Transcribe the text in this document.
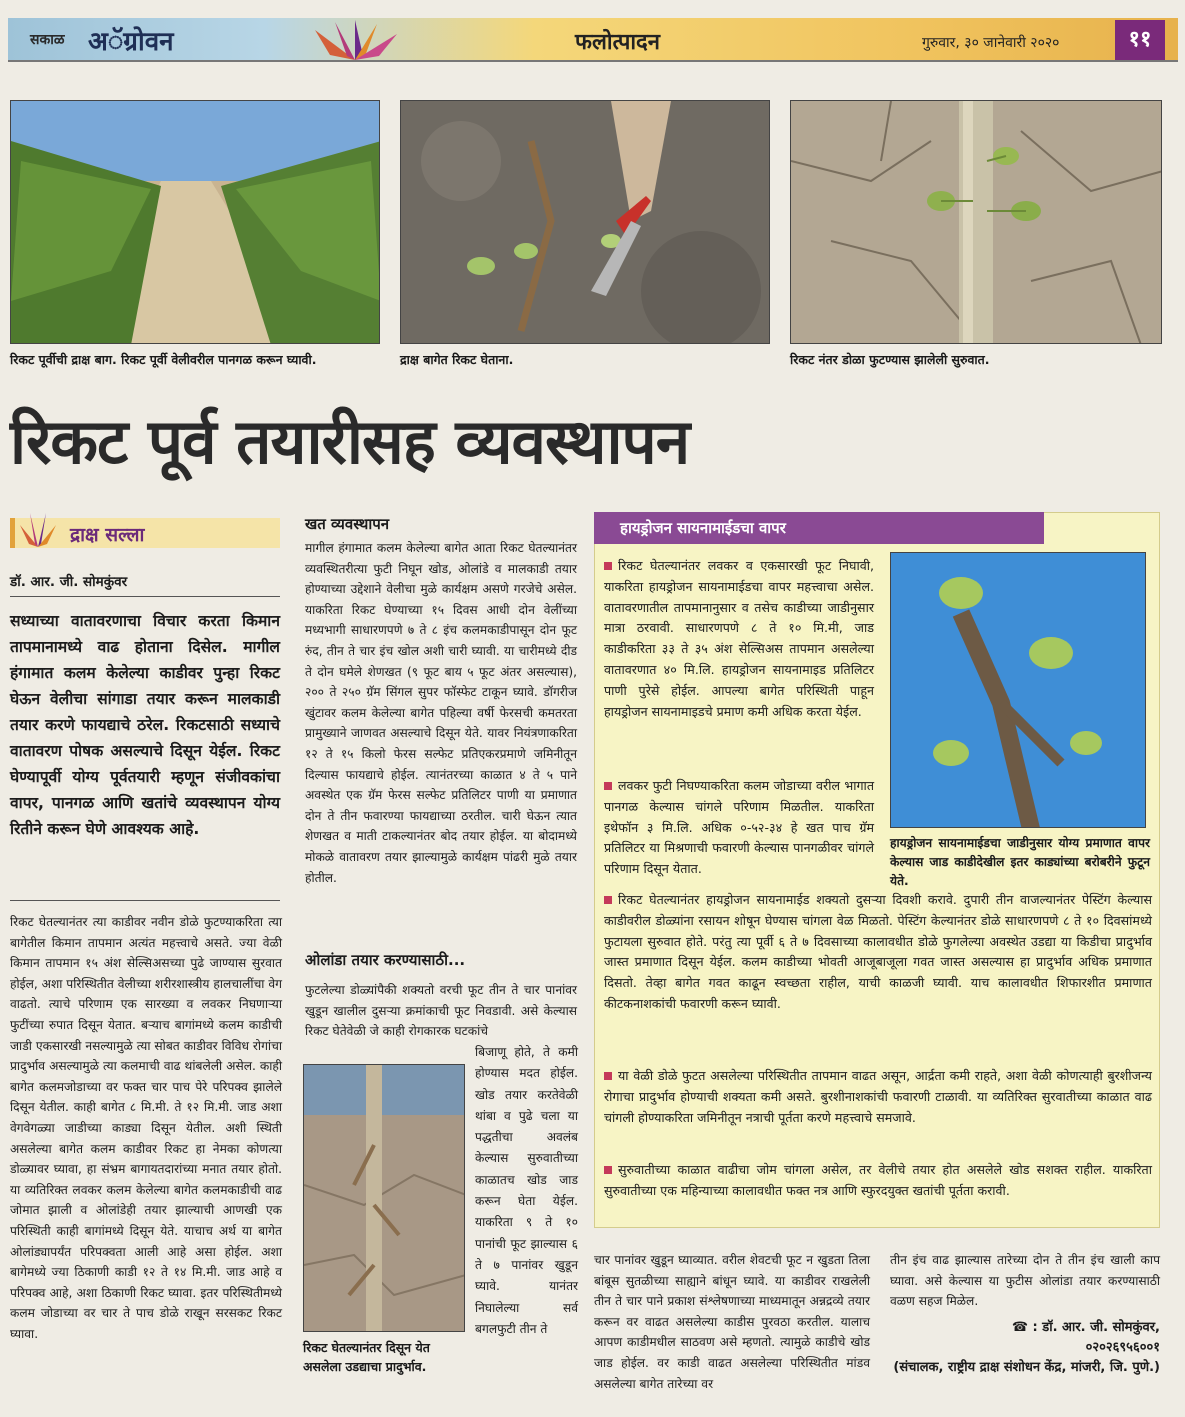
सकाळ अॅग्रोवन	फलोत्पादन	गुरुवार, ३० जानेवारी २०२०	११
रिकट पूर्वीची द्राक्ष बाग. रिकट पूर्वी वेलीवरील पानगळ करून घ्यावी.	द्राक्ष बागेत रिकट घेताना.	रिकट नंतर डोळा फुटण्यास झालेली सुरुवात.
रिकट पूर्व तयारीसह व्यवस्थापन
द्राक्ष सल्ला
डॉ. आर. जी. सोमकुंवर
सध्याच्या वातावरणाचा विचार करता किमान तापमानामध्ये वाढ होताना दिसेल. मागील हंगामात कलम केलेल्या काडीवर पुन्हा रिकट घेऊन वेलीचा सांगाडा तयार करून मालकाडी तयार करणे फायद्याचे ठरेल. रिकटसाठी सध्याचे वातावरण पोषक असल्याचे दिसून येईल. रिकट घेण्यापूर्वी योग्य पूर्वतयारी म्हणून संजीवकांचा वापर, पानगळ आणि खतांचे व्यवस्थापन योग्य रितीने करून घेणे आवश्यक आहे.
रिकट घेतल्यानंतर त्या काडीवर नवीन डोळे फुटण्याकरिता त्या बागेतील किमान तापमान अत्यंत महत्त्वाचे असते. ज्या वेळी किमान तापमान १५ अंश सेल्सिअसच्या पुढे जाण्यास सुरवात होईल, अशा परिस्थितीत वेलीच्या शरीरशास्त्रीय हालचालींचा वेग वाढतो. त्याचे परिणाम एक सारख्या व लवकर निघणाऱ्या फुटींच्या रुपात दिसून येतात. बऱ्याच बागांमध्ये कलम काडीची जाडी एकसारखी नसल्यामुळे त्या सोबत काडीवर विविध रोगांचा प्रादुर्भाव असल्यामुळे त्या कलमाची वाढ थांबलेली असेल. काही बागेत कलमजोडाच्या वर फक्त चार पाच पेरे परिपक्व झालेले दिसून येतील. काही बागेत ८ मि.मी. ते १२ मि.मी. जाड अशा वेगवेगळ्या जाडीच्या काड्या दिसून येतील. अशी स्थिती असलेल्या बागेत कलम काडीवर रिकट हा नेमका कोणत्या डोळ्यावर घ्यावा, हा संभ्रम बागायतदारांच्या मनात तयार होतो. या व्यतिरिक्त लवकर कलम केलेल्या बागेत कलमकाडीची वाढ जोमात झाली व ओलांडेही तयार झाल्याची आणखी एक परिस्थिती काही बागांमध्ये दिसून येते. याचाच अर्थ या बागेत ओलांड्यापर्यंत परिपक्वता आली आहे असा होईल. अशा बागेमध्ये ज्या ठिकाणी काडी १२ ते १४ मि.मी. जाड आहे व परिपक्व आहे, अशा ठिकाणी रिकट घ्यावा. इतर परिस्थितीमध्ये कलम जोडाच्या वर चार ते पाच डोळे राखून सरसकट रिकट घ्यावा.
खत व्यवस्थापन
मागील हंगामात कलम केलेल्या बागेत आता रिकट घेतल्यानंतर व्यवस्थितरीत्या फुटी निघून खोड, ओलांडे व मालकाडी तयार होण्याच्या उद्देशाने वेलीचा मुळे कार्यक्षम असणे गरजेचे असेल. याकरिता रिकट घेण्याच्या १५ दिवस आधी दोन वेलींच्या मध्यभागी साधारणपणे ७ ते ८ इंच कलमकाडीपासून दोन फूट रुंद, तीन ते चार इंच खोल अशी चारी घ्यावी. या चारीमध्ये दीड ते दोन घमेले शेणखत (९ फूट बाय ५ फूट अंतर असल्यास), २०० ते २५० ग्रॅम सिंगल सुपर फॉस्फेट टाकून घ्यावे. डॉगरीज खुंटावर कलम केलेल्या बागेत पहिल्या वर्षी फेरसची कमतरता प्रामुख्याने जाणवत असल्याचे दिसून येते. यावर नियंत्रणाकरिता १२ ते १५ किलो फेरस सल्फेट प्रतिएकरप्रमाणे जमिनीतून दिल्यास फायद्याचे होईल. त्यानंतरच्या काळात ४ ते ५ पाने अवस्थेत एक ग्रॅम फेरस सल्फेट प्रतिलिटर पाणी या प्रमाणात दोन ते तीन फवारण्या फायद्याच्या ठरतील. चारी घेऊन त्यात शेणखत व माती टाकल्यानंतर बोद तयार होईल. या बोदामध्ये मोकळे वातावरण तयार झाल्यामुळे कार्यक्षम पांढरी मुळे तयार होतील.
ओलांडा तयार करण्यासाठी...
फुटलेल्या डोळ्यांपैकी शक्यतो वरची फूट तीन ते चार पानांवर खुडून खालील दुसऱ्या क्रमांकाची फूट निवडावी. असे केल्यास रिकट घेतेवेळी जे काही रोगकारक घटकांचे
रिकट घेतल्यानंतर दिसून येत असलेला उडद्याचा प्रादुर्भाव.
बिजाणू होते, ते कमी होण्यास मदत होईल. खोड तयार करतेवेळी थांबा व पुढे चला या पद्धतीचा अवलंब केल्यास सुरुवातीच्या काळातच खोड जाड करून घेता येईल. याकरिता ९ ते १० पानांची फूट झाल्यास ६ ते ७ पानांवर खुडून घ्यावे. यानंतर निघालेल्या सर्व बगलफुटी तीन ते
हायड्रोजन सायनामाईडचा वापर
रिकट घेतल्यानंतर लवकर व एकसारखी फूट निघावी, याकरिता हायड्रोजन सायनामाईडचा वापर महत्त्वाचा असेल. वातावरणातील तापमानानुसार व तसेच काडीच्या जाडीनुसार मात्रा ठरवावी. साधारणपणे ८ ते १० मि.मी, जाड काडीकरिता ३३ ते ३५ अंश सेल्सिअस तापमान असलेल्या वातावरणात ४० मि.लि. हायड्रोजन सायनामाइड प्रतिलिटर पाणी पुरेसे होईल. आपल्या बागेत परिस्थिती पाहून हायड्रोजन सायनामाइडचे प्रमाण कमी अधिक करता येईल.
लवकर फुटी निघण्याकरिता कलम जोडाच्या वरील भागात पानगळ केल्यास चांगले परिणाम मिळतील. याकरिता इथेफॉन ३ मि.लि. अधिक ०-५२-३४ हे खत पाच ग्रॅम प्रतिलिटर या मिश्रणाची फवारणी केल्यास पानगळीवर चांगले परिणाम दिसून येतात.
हायड्रोजन सायनामाईडचा जाडीनुसार योग्य प्रमाणात वापर केल्यास जाड काडीदेखील इतर काड्यांच्या बरोबरीने फुटून येते.
रिकट घेतल्यानंतर हायड्रोजन सायनामाईड शक्यतो दुसऱ्या दिवशी करावे. दुपारी तीन वाजल्यानंतर पेस्टिंग केल्यास काडीवरील डोळ्यांना रसायन शोषून घेण्यास चांगला वेळ मिळतो. पेस्टिंग केल्यानंतर डोळे साधारणपणे ८ ते १० दिवसांमध्ये फुटायला सुरुवात होते. परंतु त्या पूर्वी ६ ते ७ दिवसाच्या कालावधीत डोळे फुगलेल्या अवस्थेत उडद्या या किडीचा प्रादुर्भाव जास्त प्रमाणात दिसून येईल. कलम काडीच्या भोवती आजूबाजूला गवत जास्त असल्यास हा प्रादुर्भाव अधिक प्रमाणात दिसतो. तेव्हा बागेत गवत काढून स्वच्छता राहील, याची काळजी घ्यावी. याच कालावधीत शिफारशीत प्रमाणात कीटकनाशकांची फवारणी करून घ्यावी.
या वेळी डोळे फुटत असलेल्या परिस्थितीत तापमान वाढत असून, आर्द्रता कमी राहते, अशा वेळी कोणत्याही बुरशीजन्य रोगाचा प्रादुर्भाव होण्याची शक्यता कमी असते. बुरशीनाशकांची फवारणी टाळावी. या व्यतिरिक्त सुरवातीच्या काळात वाढ चांगली होण्याकरिता जमिनीतून नत्राची पूर्तता करणे महत्त्वाचे समजावे.
सुरुवातीच्या काळात वाढीचा जोम चांगला असेल, तर वेलीचे तयार होत असलेले खोड सशक्त राहील. याकरिता सुरुवातीच्या एक महिन्याच्या कालावधीत फक्त नत्र आणि स्फुरदयुक्त खतांची पूर्तता करावी.
चार पानांवर खुडून घ्याव्यात. वरील शेवटची फूट न खुडता तिला बांबूस सुतळीच्या साह्याने बांधून घ्यावे. या काडीवर राखलेली तीन ते चार पाने प्रकाश संश्लेषणाच्या माध्यमातून अन्नद्रव्ये तयार करून वर वाढत असलेल्या काडीस पुरवठा करतील. यालाच आपण काडीमधील साठवण असे म्हणतो. त्यामुळे काडीचे खोड जाड होईल. वर काडी वाढत असलेल्या परिस्थितीत मांडव असलेल्या बागेत तारेच्या वर
तीन इंच वाढ झाल्यास तारेच्या दोन ते तीन इंच खाली काप घ्यावा. असे केल्यास या फुटीस ओलांडा तयार करण्यासाठी वळण सहज मिळेल.
☎ : डॉ. आर. जी. सोमकुंवर,
०२०२६९५६००१
(संचालक, राष्ट्रीय द्राक्ष संशोधन केंद्र, मांजरी, जि. पुणे.)
